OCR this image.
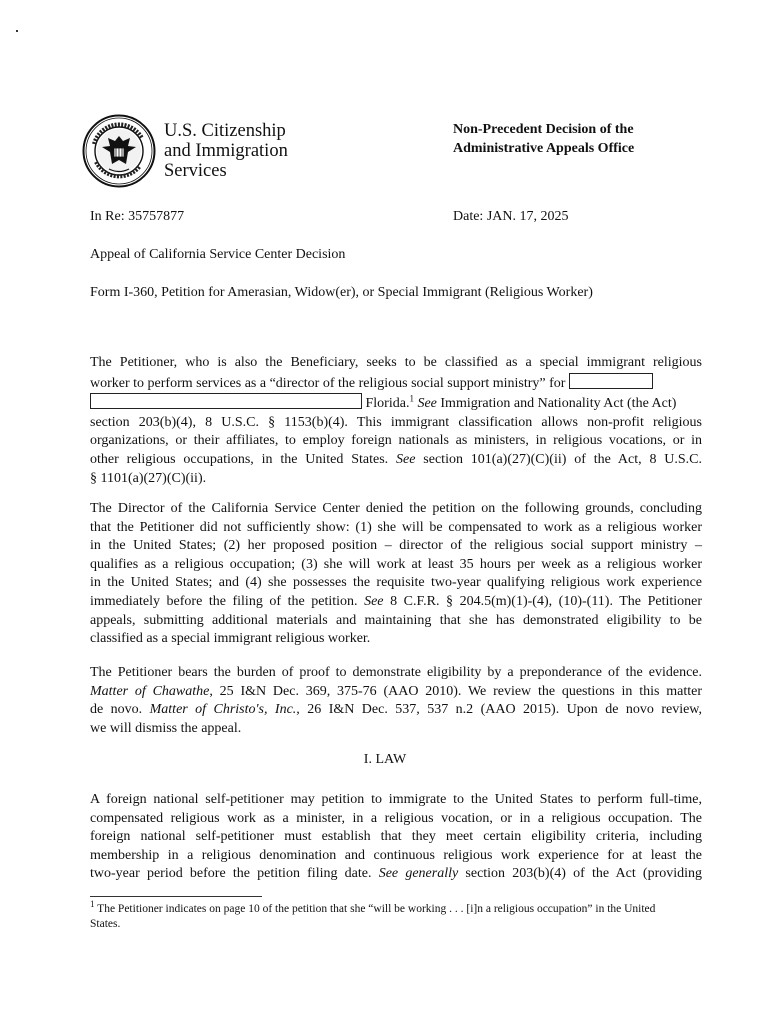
U.S. Citizenship
and Immigration
Services
Non-Precedent Decision of the
Administrative Appeals Office
In Re: 35757877	Date: JAN. 17, 2025
Appeal of California Service Center Decision
Form I-360, Petition for Amerasian, Widow(er), or Special Immigrant (Religious Worker)
The Petitioner, who is also the Beneficiary, seeks to be classified as a special immigrant religious
worker to perform services as a “director of the religious social support ministry” for
Florida.$^1$ See Immigration and Nationality Act (the Act)
section 203(b)(4), 8 U.S.C. § 1153(b)(4). This immigrant classification allows non-profit religious
organizations, or their affiliates, to employ foreign nationals as ministers, in religious vocations, or in
other religious occupations, in the United States. See section 101(a)(27)(C)(ii) of the Act, 8 U.S.C.
§ 1101(a)(27)(C)(ii).
The Director of the California Service Center denied the petition on the following grounds, concluding
that the Petitioner did not sufficiently show: (1) she will be compensated to work as a religious worker
in the United States; (2) her proposed position – director of the religious social support ministry –
qualifies as a religious occupation; (3) she will work at least 35 hours per week as a religious worker
in the United States; and (4) she possesses the requisite two-year qualifying religious work experience
immediately before the filing of the petition. See 8 C.F.R. § 204.5(m)(1)-(4), (10)-(11). The Petitioner
appeals, submitting additional materials and maintaining that she has demonstrated eligibility to be
classified as a special immigrant religious worker.
The Petitioner bears the burden of proof to demonstrate eligibility by a preponderance of the evidence.
Matter of Chawathe, 25 I&N Dec. 369, 375-76 (AAO 2010). We review the questions in this matter
de novo. Matter of Christo's, Inc., 26 I&N Dec. 537, 537 n.2 (AAO 2015). Upon de novo review,
we will dismiss the appeal.
I. LAW
A foreign national self-petitioner may petition to immigrate to the United States to perform full-time,
compensated religious work as a minister, in a religious vocation, or in a religious occupation. The
foreign national self-petitioner must establish that they meet certain eligibility criteria, including
membership in a religious denomination and continuous religious work experience for at least the
two-year period before the petition filing date. See generally section 203(b)(4) of the Act (providing
$^1$ The Petitioner indicates on page 10 of the petition that she “will be working . . . [i]n a religious occupation” in the United
States.
